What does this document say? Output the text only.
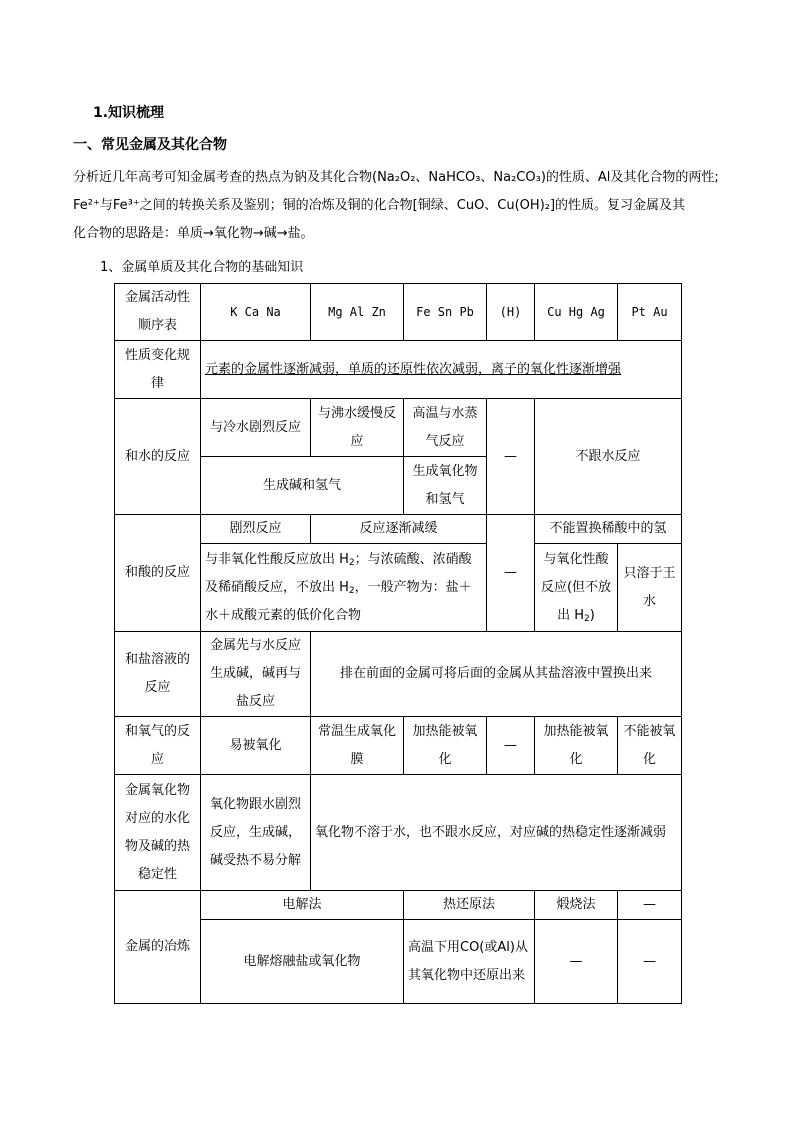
1.知识梳理
一、常见金属及其化合物

分析近几年高考可知金属考查的热点为钠及其化合物(Na₂O₂、NaHCO₃、Na₂CO₃)的性质、Al及其化合物的两性;

Fe²⁺与Fe³⁺之间的转换关系及鉴别；铜的冶炼及铜的化合物[铜绿、CuO、Cu(OH)₂]的性质。复习金属及其

化合物的思路是：单质→氧化物→碱→盐。

1、金属单质及其化合物的基础知识
金属活动性顺序表	K Ca Na	Mg Al Zn	Fe Sn Pb	(H)	Cu Hg Ag	Pt Au
性质变化规律	元素的金属性逐渐减弱，单质的还原性依次减弱，离子的氧化性逐渐增强					
和水的反应	与冷水剧烈反应	与沸水缓慢反应	高温与水蒸气反应	—	不跟水反应	
	生成碱和氢气		生成氧化物和氢气			
和酸的反应	剧烈反应	反应逐渐减缓		—	不能置换稀酸中的氢	
	与非氧化性酸反应放出 $H_2$；与浓硫酸、浓硝酸及稀硝酸反应，不放出 $H_2$，一般产物为：盐＋水＋成酸元素的低价化合物				与氧化性酸反应(但不放出 $H_2$)	只溶于王水
和盐溶液的反应	金属先与水反应生成碱，碱再与盐反应	排在前面的金属可将后面的金属从其盐溶液中置换出来				
和氧气的反应	易被氧化	常温生成氧化膜	加热能被氧化	—	加热能被氧化	不能被氧化
金属氧化物对应的水化物及碱的热稳定性	氧化物跟水剧烈反应，生成碱，碱受热不易分解	氧化物不溶于水，也不跟水反应，对应碱的热稳定性逐渐减弱				
金属的冶炼	电解法		热还原法		煅烧法	—
	电解熔融盐或氧化物		高温下用CO(或Al)从其氧化物中还原出来		—	—
